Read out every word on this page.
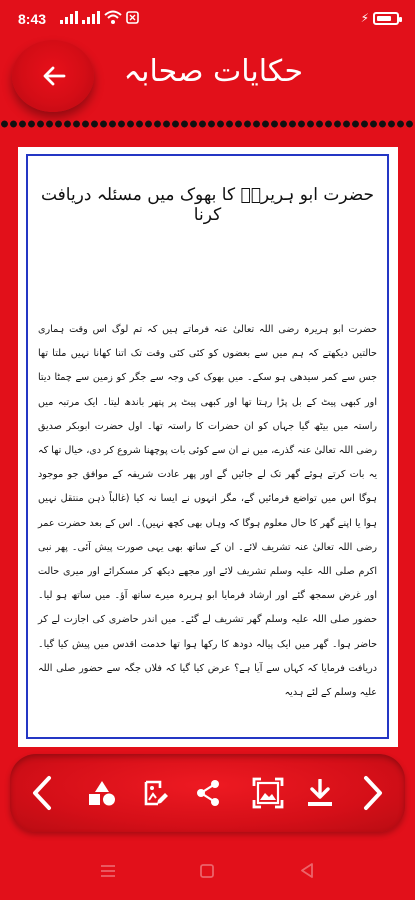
8:43	⚡
حکایات صحابہ
حضرت ابو ہریرہؓ کا بھوک میں مسئلہ دریافت کرنا
حضرت ابو ہریرہ رضی اللہ تعالیٰ عنہ فرماتے ہیں کہ تم لوگ اس وقت ہماری حالتیں دیکھتے کہ ہم میں سے بعضوں کو کئی کئی وقت تک اتنا کھانا نہیں ملتا تھا جس سے کمر سیدھی ہو سکے۔ میں بھوک کی وجہ سے جگر کو زمین سے چمٹا دیتا اور کبھی پیٹ کے بل پڑا رہتا تھا اور کبھی پیٹ پر پتھر باندھ لیتا۔ ایک مرتبہ میں راستہ میں بیٹھ گیا جہاں کو ان حضرات کا راستہ تھا۔ اول حضرت ابوبکر صدیق رضی اللہ تعالیٰ عنہ گذرے، میں نے ان سے کوئی بات پوچھنا شروع کر دی، خیال تھا کہ یہ بات کرتے ہوئے گھر تک لے جائیں گے اور پھر عادت شریفہ کے موافق جو موجود ہوگا اس میں تواضع فرمائیں گے، مگر انہوں نے ایسا نہ کیا (غالباً ذہن منتقل نہیں ہوا یا اپنے گھر کا حال معلوم ہوگا کہ وہاں بھی کچھ نہیں)۔ اس کے بعد حضرت عمر رضی اللہ تعالیٰ عنہ تشریف لائے۔ ان کے ساتھ بھی یہی صورت پیش آئی۔ پھر نبی اکرم صلی اللہ علیہ وسلم تشریف لائے اور مجھے دیکھ کر مسکرائے اور میری حالت اور غرض سمجھ گئے اور ارشاد فرمایا ابو ہریرہ میرے ساتھ آؤ۔ میں ساتھ ہو لیا۔ حضور صلی اللہ علیہ وسلم گھر تشریف لے گئے۔ میں اندر حاضری کی اجازت لے کر حاضر ہوا۔ گھر میں ایک پیالہ دودھ کا رکھا ہوا تھا خدمت اقدس میں پیش کیا گیا۔ دریافت فرمایا کہ کہاں سے آیا ہے؟ عرض کیا گیا کہ فلاں جگہ سے حضور صلی اللہ علیہ وسلم کے لئے ہدیہ
